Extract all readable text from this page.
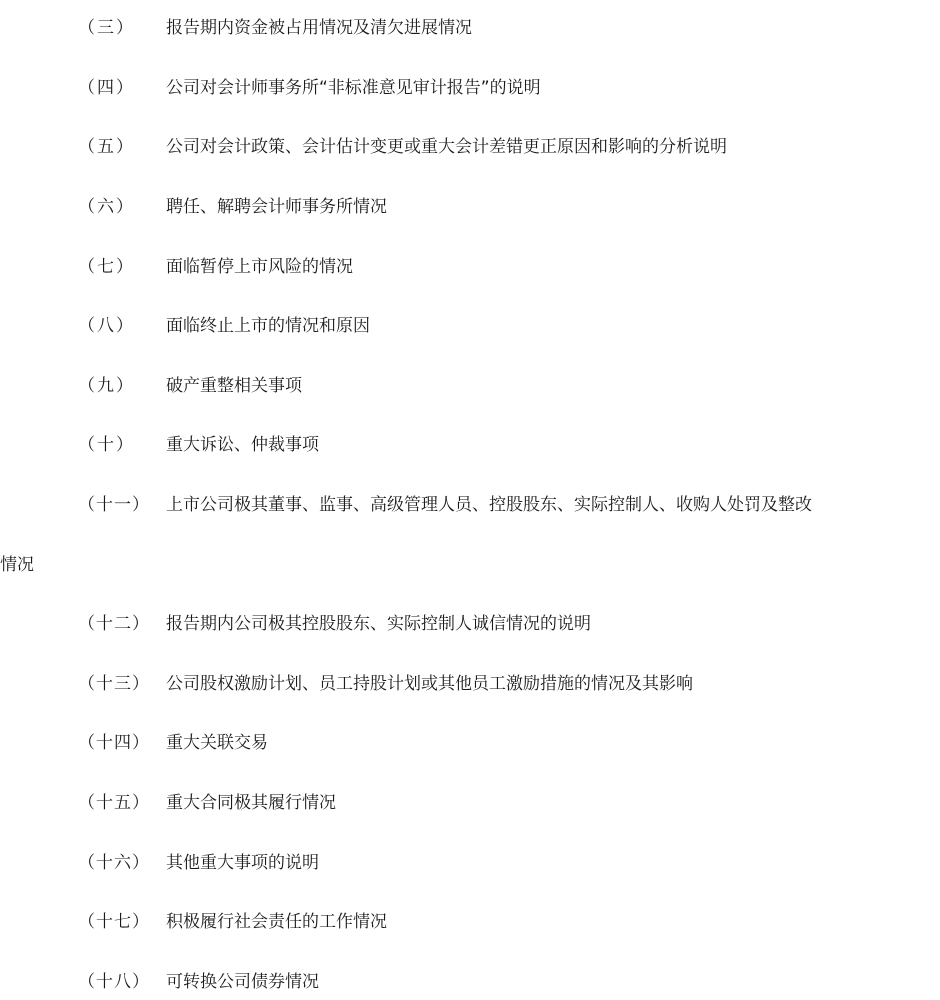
（三） 报告期内资金被占用情况及清欠进展情况
（四） 公司对会计师事务所“非标准意见审计报告”的说明
（五） 公司对会计政策、会计估计变更或重大会计差错更正原因和影响的分析说明
（六） 聘任、解聘会计师事务所情况
（七） 面临暂停上市风险的情况
（八） 面临终止上市的情况和原因
（九） 破产重整相关事项
（十） 重大诉讼、仲裁事项
（十一） 上市公司极其董事、监事、高级管理人员、控股股东、实际控制人、收购人处罚及整改
情况
（十二） 报告期内公司极其控股股东、实际控制人诚信情况的说明
（十三） 公司股权激励计划、员工持股计划或其他员工激励措施的情况及其影响
（十四） 重大关联交易
（十五） 重大合同极其履行情况
（十六） 其他重大事项的说明
（十七） 积极履行社会责任的工作情况
（十八） 可转换公司债券情况
